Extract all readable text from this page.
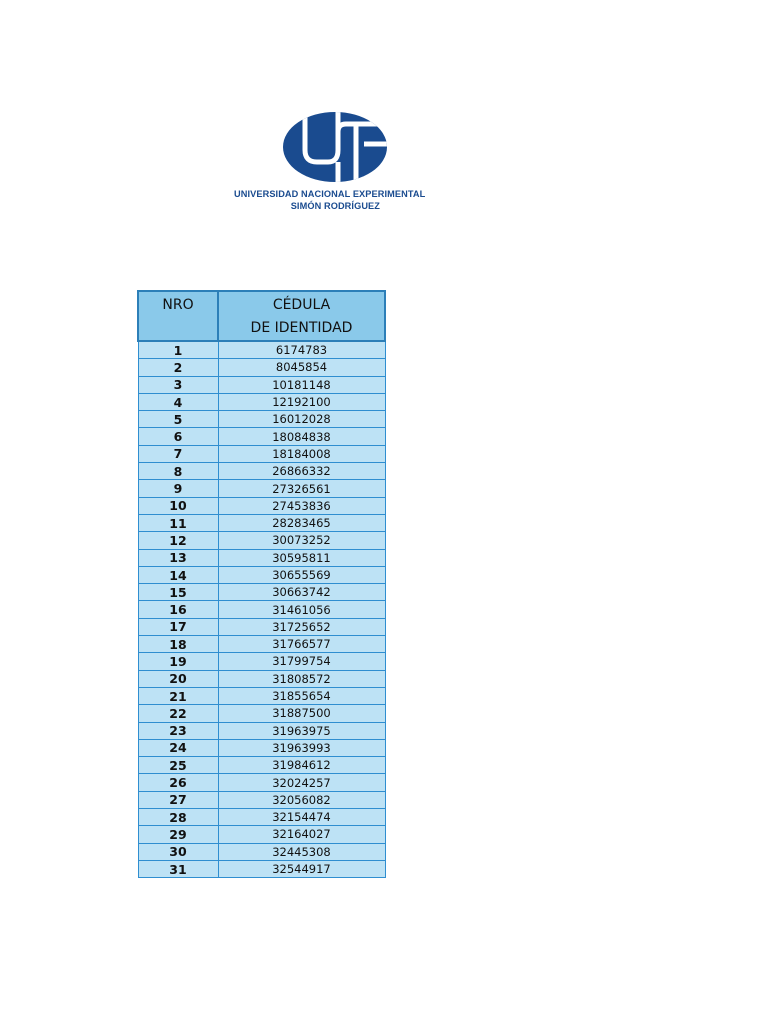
UNIVERSIDAD NACIONAL EXPERIMENTAL
SIMÓN RODRÍGUEZ
NRO	CÉDULA
DE IDENTIDAD
1	6174783
2	8045854
3	10181148
4	12192100
5	16012028
6	18084838
7	18184008
8	26866332
9	27326561
10	27453836
11	28283465
12	30073252
13	30595811
14	30655569
15	30663742
16	31461056
17	31725652
18	31766577
19	31799754
20	31808572
21	31855654
22	31887500
23	31963975
24	31963993
25	31984612
26	32024257
27	32056082
28	32154474
29	32164027
30	32445308
31	32544917
